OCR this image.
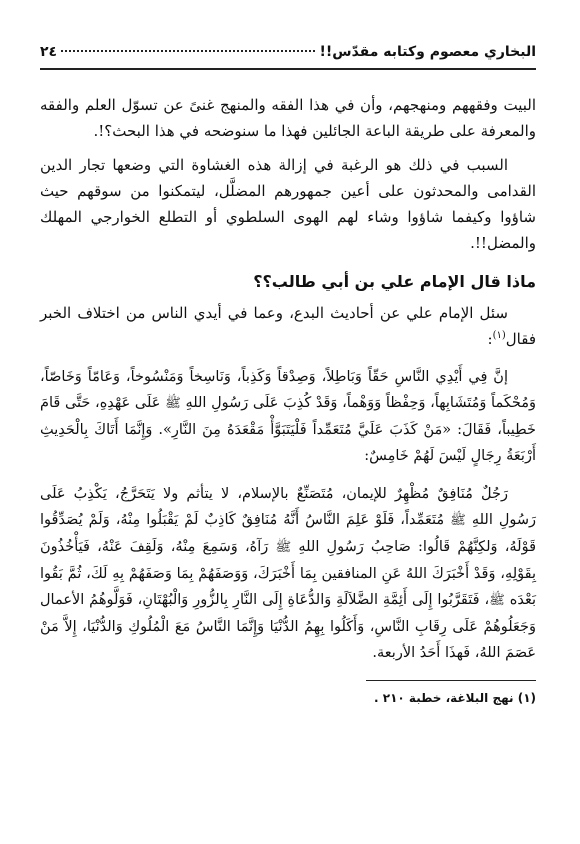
البخاري معصوم وكتابه مقدّس!!
٢٤

البيت وفقههم ومنهجهم، وأن في هذا الفقه والمنهج غنىً عن تسوّل العلم والفقه والمعرفة على طريقة الباعة الجائلين فهذا ما سنوضحه في هذا البحث؟!.

السبب في ذلك هو الرغبة في إزالة هذه الغشاوة التي وضعها تجار الدين القدامى والمحدثون على أعين جمهورهم المضلَّل، ليتمكنوا من سوقهم حيث شاؤوا وكيفما شاؤوا وشاء لهم الهوى السلطوي أو التطلع الخوارجي المهلك والمضل!!.

ماذا قال الإمام علي بن أبي طالب؟؟

سئل الإمام علي عن أحاديث البدع، وعما في أيدي الناس من اختلاف الخبر فقال$^{(١)}$:

إنَّ فِي أَيْدِي النَّاسِ حَقّاً وَبَاطِلاً، وَصِدْقاً وَكَذِباً، وَنَاسِخاً وَمَنْسُوخاً، وَعَامّاً وَخَاصّاً، وَمُحْكَماً وَمُتَشَابِهاً، وَحِفْظاً وَوَهْماً، وَقَدْ كُذِبَ عَلَى رَسُولِ اللهِ ﷺ عَلَى عَهْدِهِ، حَتَّى قَامَ خَطِيباً، فَقَالَ: «مَنْ كَذَبَ عَلَيَّ مُتَعَمِّداً فَلْيَتَبَوَّأْ مَقْعَدَهُ مِنَ النَّارِ». وَإِنَّمَا أَتَاكَ بِالْحَدِيثِ أَرْبَعَةُ رِجَالٍ لَيْسَ لَهُمْ خَامِسٌ:

رَجُلٌ مُنَافِقٌ مُظْهِرٌ للإيمان، مُتَصَنِّعٌ بالإسلام، لا يتأثم ولا يَتَحَرَّجُ، يَكْذِبُ عَلَى رَسُولِ اللهِ ﷺ مُتَعَمِّداً، فَلَوْ عَلِمَ النَّاسُ أَنَّهُ مُنَافِقٌ كَاذِبٌ لَمْ يَقْبَلُوا مِنْهُ، وَلَمْ يُصَدِّقُوا قَوْلَهُ، وَلكِنَّهُمْ قَالُوا: صَاحِبُ رَسُولِ اللهِ ﷺ رَآهُ، وَسَمِعَ مِنْهُ، وَلَقِفَ عَنْهُ، فَيَأْخُذُونَ بِقَوْلِهِ، وَقَدْ أَخْبَرَكَ اللهُ عَنِ المنافقين بِمَا أَخْبَرَكَ، وَوَصَفَهُمْ بِمَا وَصَفَهُمْ بِهِ لَكَ، ثُمَّ بَقُوا بَعْدَه ﷺ، فَتَقَرَّبُوا إِلَى أَئِمَّةِ الضَّلاَلَةِ وَالدُّعَاةِ إِلَى النَّارِ بِالزُّورِ وَالْبُهْتَانِ، فَوَلَّوهُمُ الأعمال وَجَعَلُوهُمْ عَلَى رِقَابِ النَّاسِ، وَأَكَلُوا بِهِمُ الدُّنْيَا وَإِنَّمَا النَّاسُ مَعَ الْمُلُوكِ وَالدُّنْيَا، إِلاَّ مَنْ عَصَمَ اللهُ، فَهذَا أَحَدُ الأربعة.

(١) نهج البلاغة، خطبة ٢١٠ .
